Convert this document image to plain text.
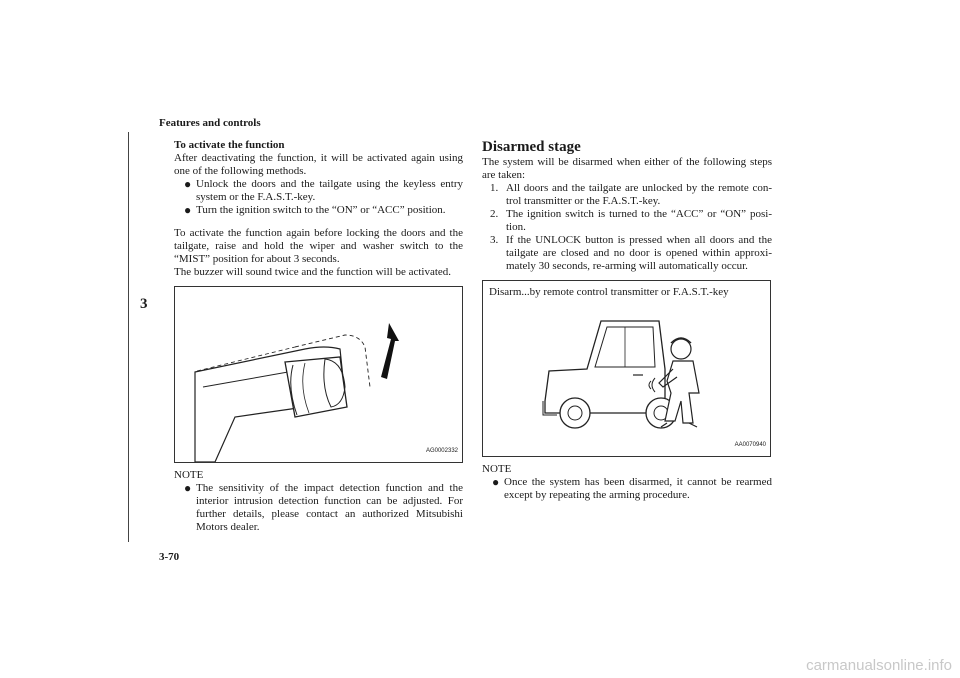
Features and controls
3
3-70

To activate the function

After deactivating the function, it will be activated again using one of the following methods.

● Unlock the doors and the tailgate using the keyless entry system or the F.A.S.T.-key.
● Turn the ignition switch to the “ON” or “ACC” position.

To activate the function again before locking the doors and the tailgate, raise and hold the wiper and washer switch to the “MIST” position for about 3 seconds.

The buzzer will sound twice and the function will be activated.

AG0002332

NOTE

● The sensitivity of the impact detection function and the interior intrusion detection function can be adjusted. For further details, please contact an authorized Mitsubishi Motors dealer.

Disarmed stage

The system will be disarmed when either of the following steps are taken:

1. All doors and the tailgate are unlocked by the remote con-trol transmitter or the F.A.S.T.-key.
2. The ignition switch is turned to the “ACC” or “ON” posi-tion.
3. If the UNLOCK button is pressed when all doors and the tailgate are closed and no door is opened within approxi-mately 30 seconds, re-arming will automatically occur.
Disarm...by remote control transmitter or F.A.S.T.-key
AA0070940

NOTE

● Once the system has been disarmed, it cannot be rearmed except by repeating the arming procedure.
carmanualsonline.info
